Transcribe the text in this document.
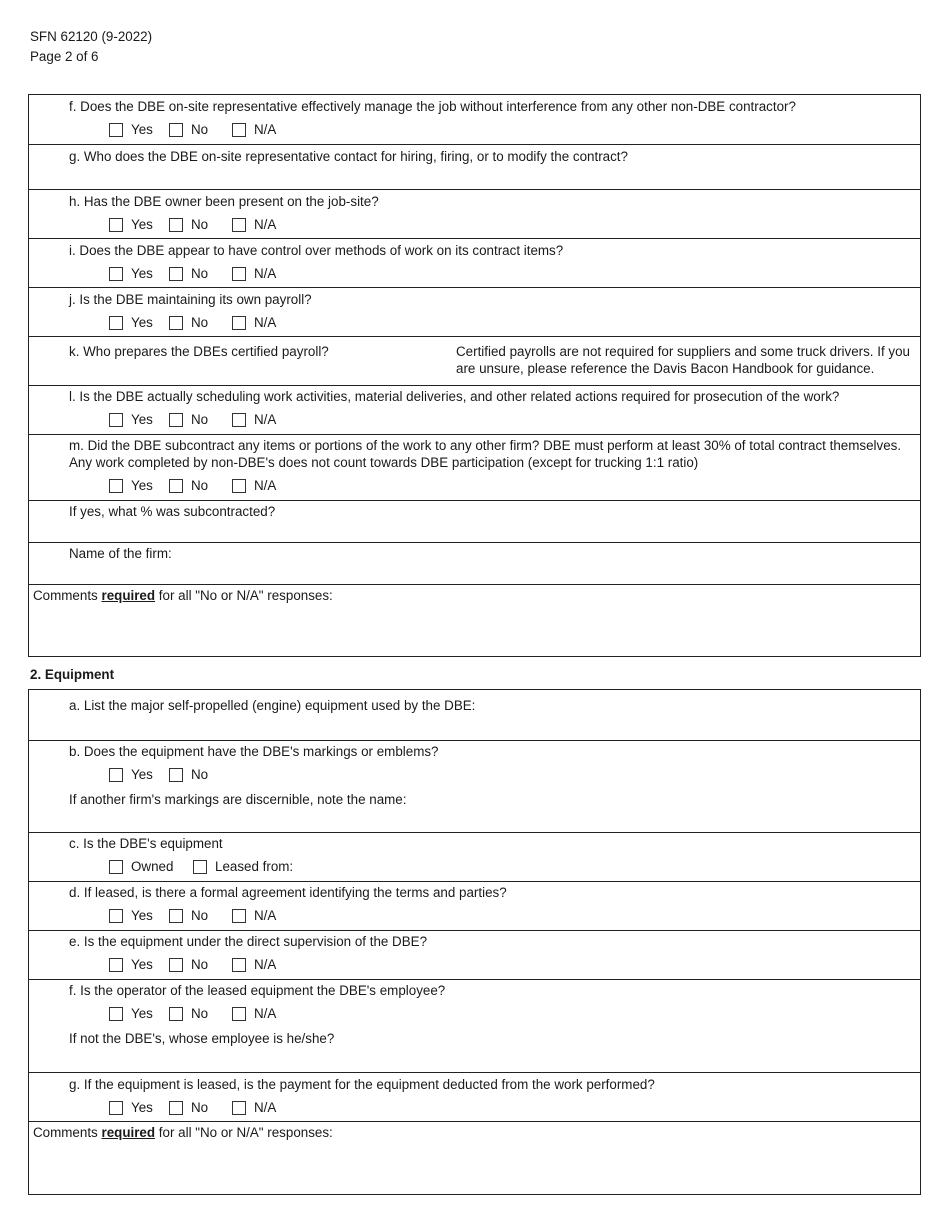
SFN 62120 (9-2022)
Page 2 of 6
f. Does the DBE on-site representative effectively manage the job without interference from any other non-DBE contractor?
Yes	No	N/A
g. Who does the DBE on-site representative contact for hiring, firing, or to modify the contract?
h. Has the DBE owner been present on the job-site?
Yes	No	N/A
i. Does the DBE appear to have control over methods of work on its contract items?
Yes	No	N/A
j. Is the DBE maintaining its own payroll?
Yes	No	N/A
k. Who prepares the DBEs certified payroll?	Certified payrolls are not required for suppliers and some truck drivers. If you are unsure, please reference the Davis Bacon Handbook for guidance.
l. Is the DBE actually scheduling work activities, material deliveries, and other related actions required for prosecution of the work?
Yes	No	N/A
m. Did the DBE subcontract any items or portions of the work to any other firm? DBE must perform at least 30% of total contract themselves. Any work completed by non-DBE's does not count towards DBE participation (except for trucking 1:1 ratio)
Yes	No	N/A
If yes, what % was subcontracted?
Name of the firm:
Comments required for all "No or N/A" responses:
2. Equipment
a. List the major self-propelled (engine) equipment used by the DBE:
b. Does the equipment have the DBE's markings or emblems?
Yes	No
If another firm's markings are discernible, note the name:
c. Is the DBE's equipment
Owned	Leased from:
d. If leased, is there a formal agreement identifying the terms and parties?
Yes	No	N/A
e. Is the equipment under the direct supervision of the DBE?
Yes	No	N/A
f. Is the operator of the leased equipment the DBE's employee?
Yes	No	N/A
If not the DBE's, whose employee is he/she?
g. If the equipment is leased, is the payment for the equipment deducted from the work performed?
Yes	No	N/A
Comments required for all "No or N/A" responses:
